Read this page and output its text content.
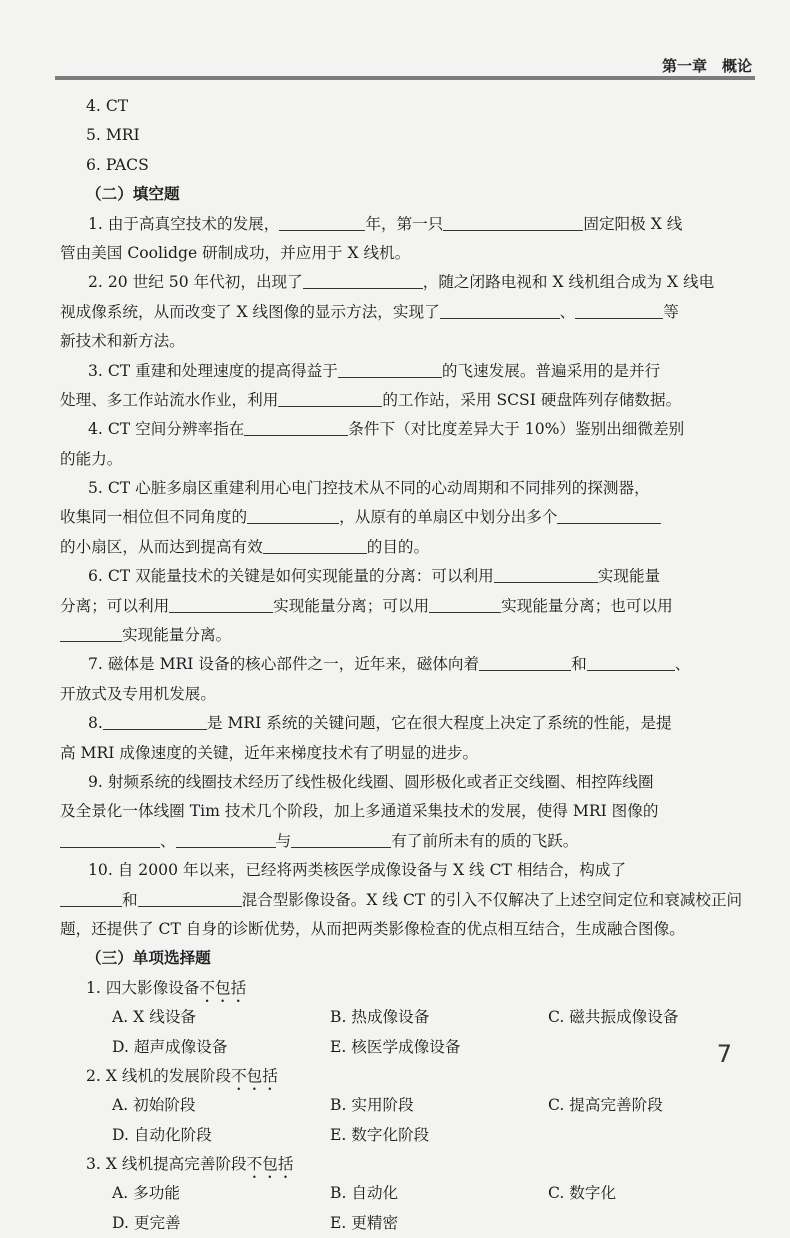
第一章　概论
4. CT
5. MRI
6. PACS
（二）填空题
1. 由于高真空技术的发展，	年，第一只	固定阳极 X 线
管由美国 Coolidge 研制成功，并应用于 X 线机。
2. 20 世纪 50 年代初，出现了	，随之闭路电视和 X 线机组合成为 X 线电
视成像系统，从而改变了 X 线图像的显示方法，实现了	、	等
新技术和新方法。
3. CT 重建和处理速度的提高得益于	的飞速发展。普遍采用的是并行
处理、多工作站流水作业，利用	的工作站，采用 SCSI 硬盘阵列存储数据。
4. CT 空间分辨率指在	条件下（对比度差异大于 10%）鉴别出细微差别
的能力。
5. CT 心脏多扇区重建利用心电门控技术从不同的心动周期和不同排列的探测器，
收集同一相位但不同角度的	，从原有的单扇区中划分出多个
的小扇区，从而达到提高有效	的目的。
6. CT 双能量技术的关键是如何实现能量的分离：可以利用	实现能量
分离；可以利用	实现能量分离；可以用	实现能量分离；也可以用
实现能量分离。
7. 磁体是 MRI 设备的核心部件之一，近年来，磁体向着	和	、
开放式及专用机发展。
8.	是 MRI 系统的关键问题，它在很大程度上决定了系统的性能，是提
高 MRI 成像速度的关键，近年来梯度技术有了明显的进步。
9. 射频系统的线圈技术经历了线性极化线圈、圆形极化或者正交线圈、相控阵线圈
及全景化一体线圈 Tim 技术几个阶段，加上多通道采集技术的发展，使得 MRI 图像的
、	与	有了前所未有的质的飞跃。
10. 自 2000 年以来，已经将两类核医学成像设备与 X 线 CT 相结合，构成了
和	混合型影像设备。X 线 CT 的引入不仅解决了上述空间定位和衰减校正问
题，还提供了 CT 自身的诊断优势，从而把两类影像检查的优点相互结合，生成融合图像。
（三）单项选择题
1. 四大影像设备不包括
A. X 线设备	B. 热成像设备	C. 磁共振成像设备
D. 超声成像设备	E. 核医学成像设备
2. X 线机的发展阶段不包括
A. 初始阶段	B. 实用阶段	C. 提高完善阶段
D. 自动化阶段	E. 数字化阶段
3. X 线机提高完善阶段不包括
A. 多功能	B. 自动化	C. 数字化
D. 更完善	E. 更精密
7
